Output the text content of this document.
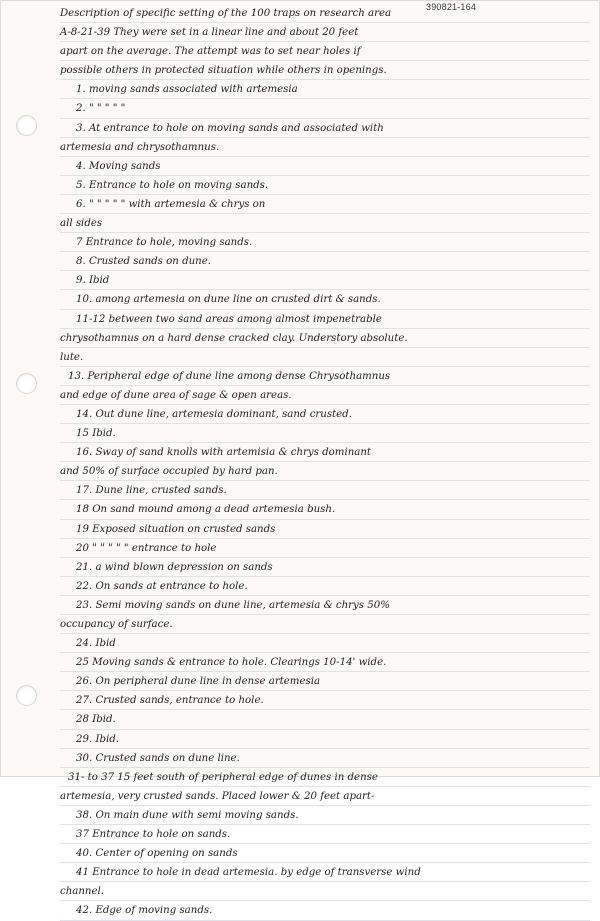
390821-164
Description of specific setting of the 100 traps on research area
A-8-21-39 They were set in a linear line and about 20 feet
apart on the average. The attempt was to set near holes if
possible others in protected situation while others in openings.
1. moving sands associated with artemesia
2. " " " " "
3. At entrance to hole on moving sands and associated with
artemesia and chrysothamnus.
4. Moving sands
5. Entrance to hole on moving sands.
6. " " " " " with artemesia & chrys on
all sides
7 Entrance to hole, moving sands.
8. Crusted sands on dune.
9. Ibid
10. among artemesia on dune line on crusted dirt & sands.
11-12 between two sand areas among almost impenetrable
chrysothamnus on a hard dense cracked clay. Understory absolute.
lute.
13. Peripheral edge of dune line among dense Chrysothamnus
and edge of dune area of sage & open areas.
14. Out dune line, artemesia dominant, sand crusted.
15 Ibid.
16. Sway of sand knolls with artemisia & chrys dominant
and 50% of surface occupied by hard pan.
17. Dune line, crusted sands.
18 On sand mound among a dead artemesia bush.
19 Exposed situation on crusted sands
20 " " " " " entrance to hole
21. a wind blown depression on sands
22. On sands at entrance to hole.
23. Semi moving sands on dune line, artemesia & chrys 50%
occupancy of surface.
24. Ibid
25 Moving sands & entrance to hole. Clearings 10-14' wide.
26. On peripheral dune line in dense artemesia
27. Crusted sands, entrance to hole.
28 Ibid.
29. Ibid.
30. Crusted sands on dune line.
31- to 37 15 feet south of peripheral edge of dunes in dense
artemesia, very crusted sands. Placed lower & 20 feet apart-
38. On main dune with semi moving sands.
37 Entrance to hole on sands.
40. Center of opening on sands
41 Entrance to hole in dead artemesia. by edge of transverse wind
channel.
42. Edge of moving sands.
